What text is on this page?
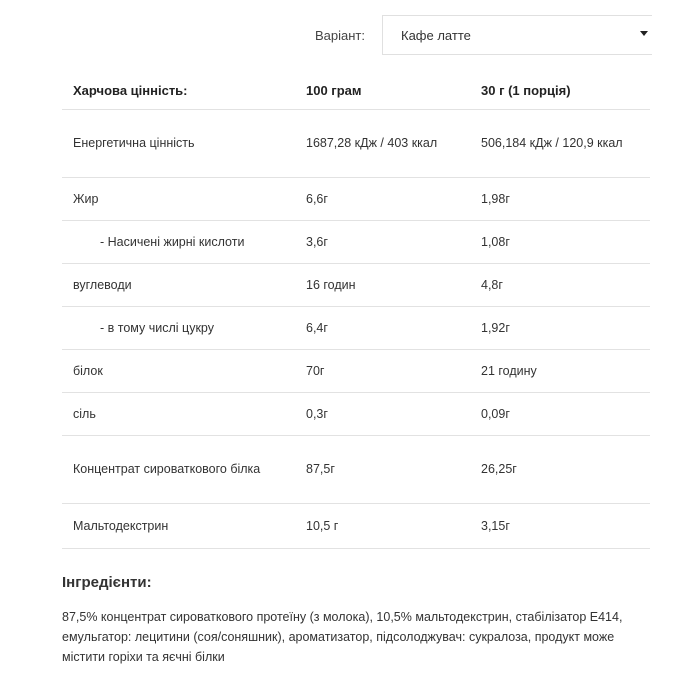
Варіант:	Кафе латте
Харчова цінність:	100 грам	30 г (1 порція)
Енергетична цінність	1687,28 кДж / 403 ккал	506,184 кДж / 120,9 ккал
Жир	6,6г	1,98г
- Насичені жирні кислоти	3,6г	1,08г
вуглеводи	16 годин	4,8г
- в тому числі цукру	6,4г	1,92г
білок	70г	21 годину
сіль	0,3г	0,09г
Концентрат сироваткового білка	87,5г	26,25г
Мальтодекстрин	10,5 г	3,15г
Інгредієнти:
87,5% концентрат сироваткового протеїну (з молока), 10,5% мальтодекстрин, стабілізатор Е414, емульгатор: лецитини (соя/соняшник), ароматизатор, підсолоджувач: сукралоза, продукт може містити горіхи та яєчні білки
